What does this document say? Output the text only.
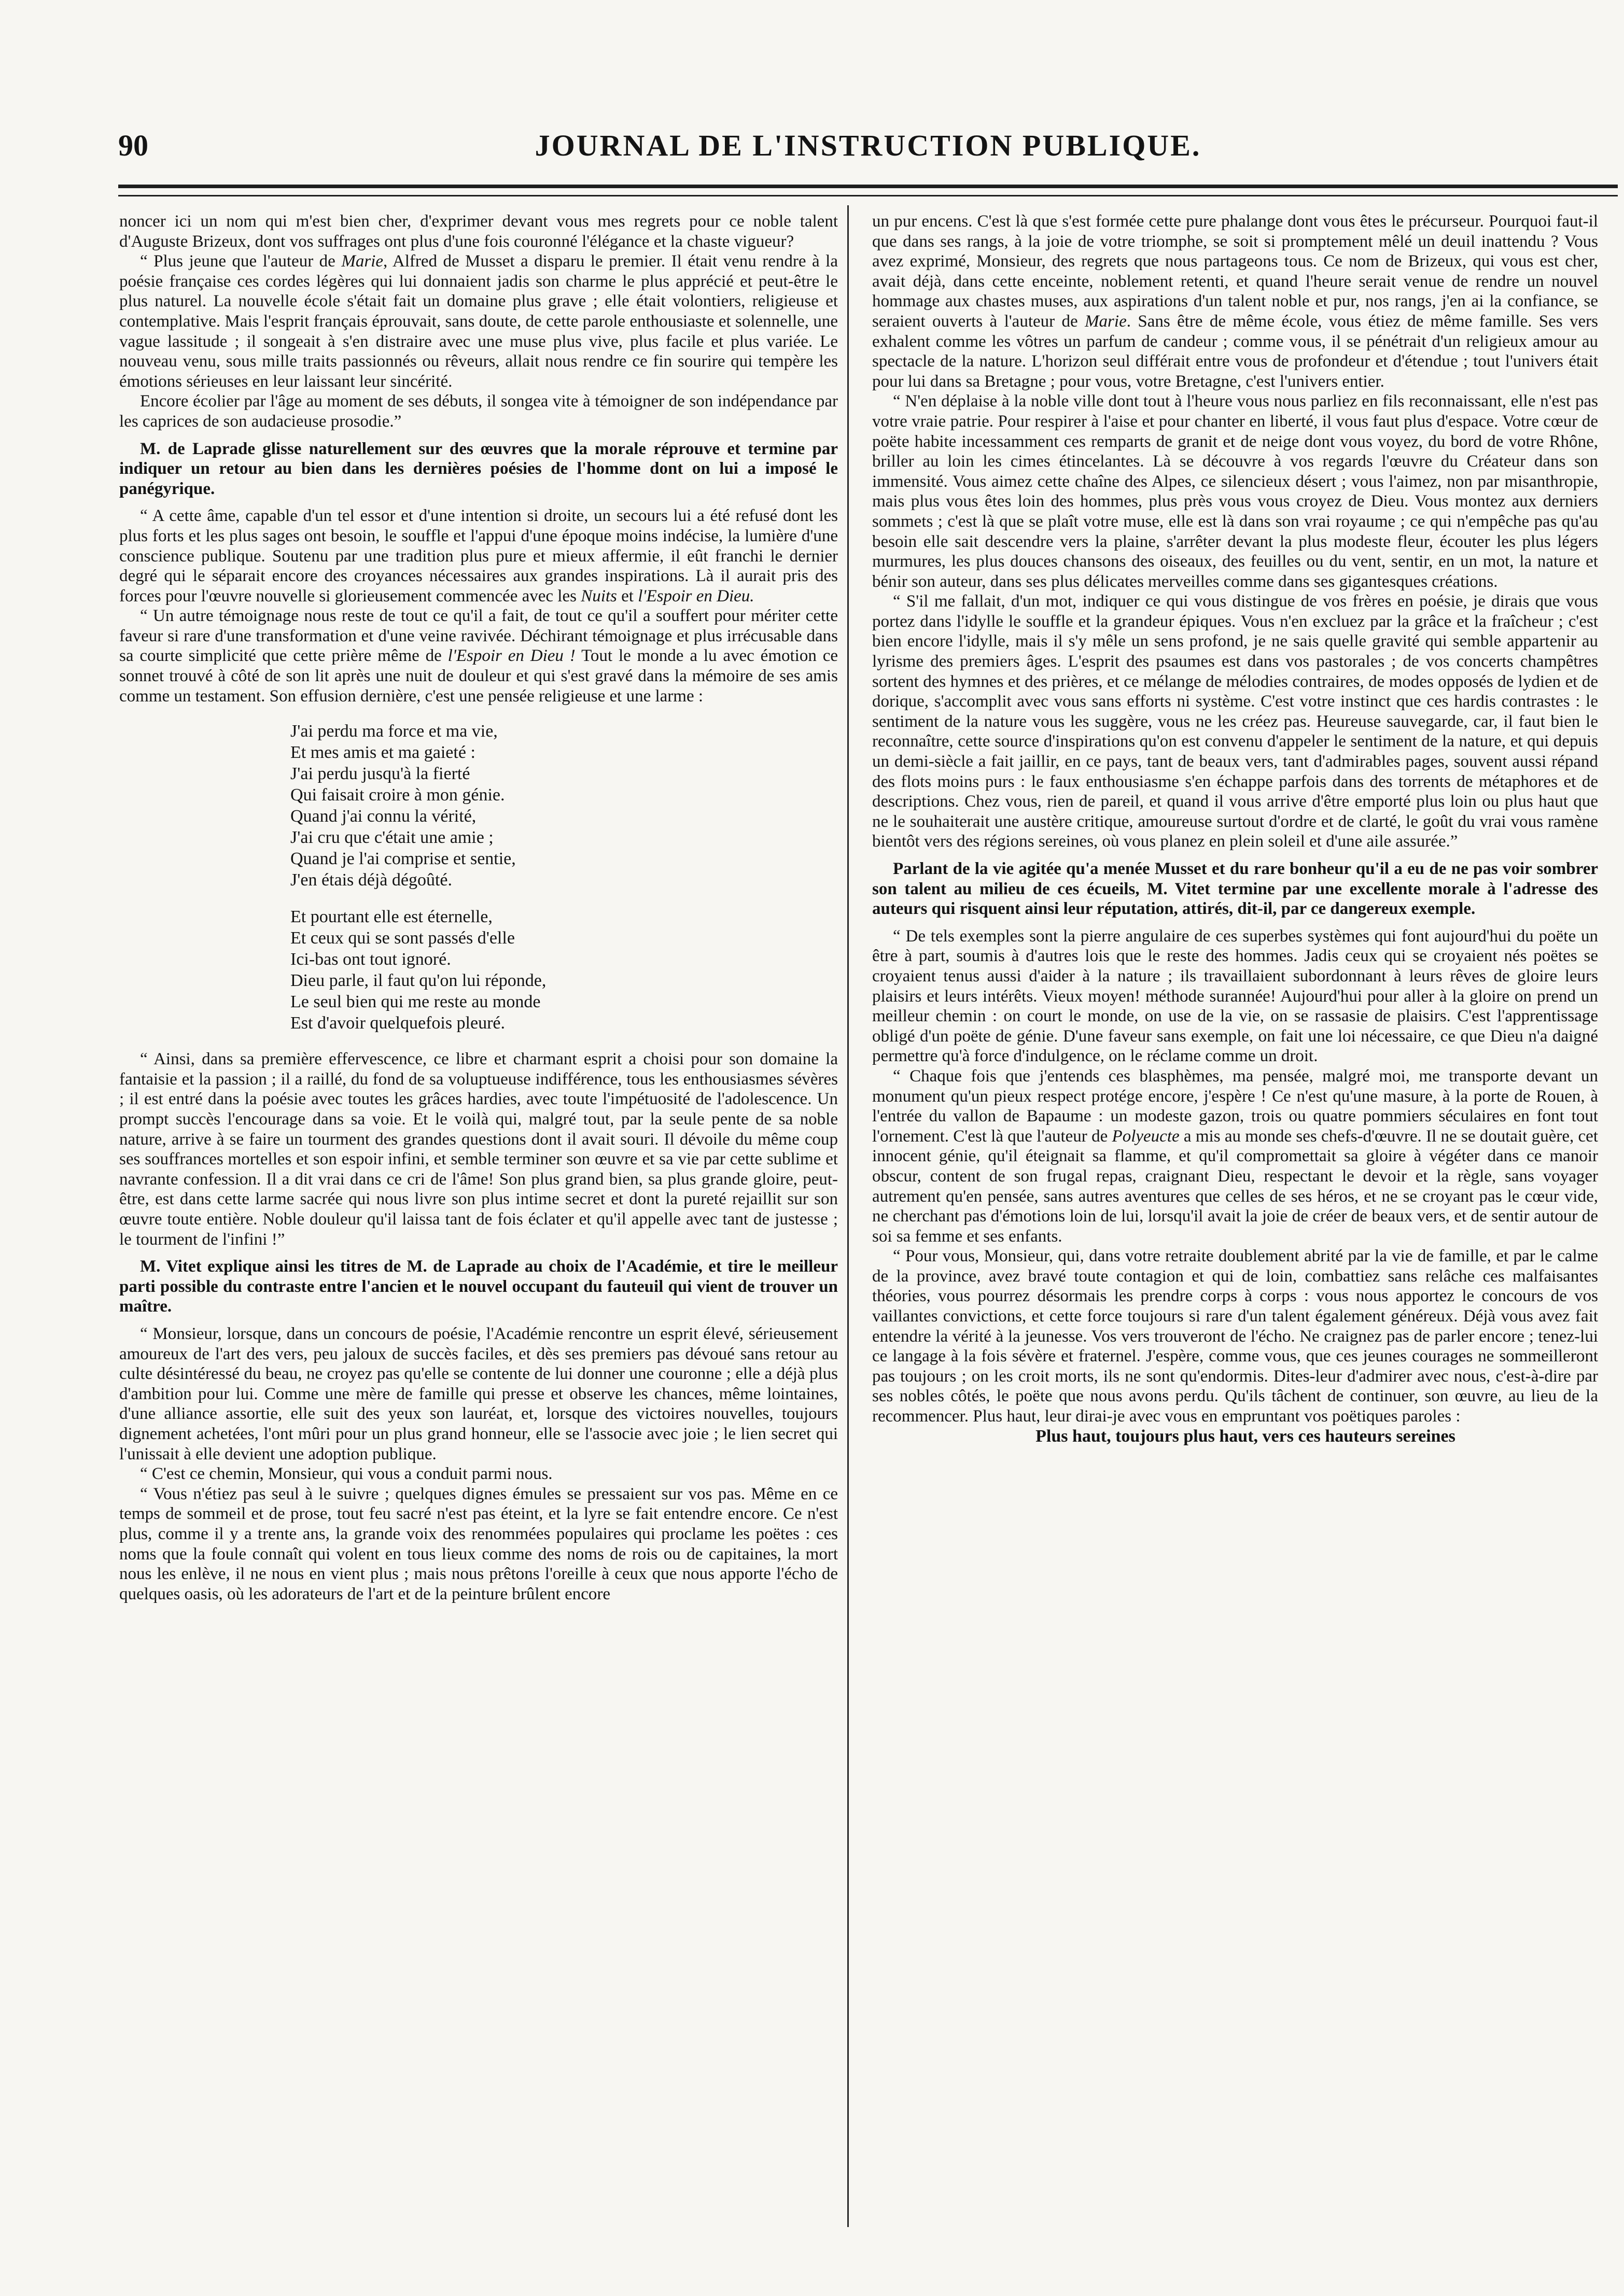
90	JOURNAL DE L'INSTRUCTION PUBLIQUE.

noncer ici un nom qui m'est bien cher, d'exprimer devant vous mes regrets pour ce noble talent d'Auguste Brizeux, dont vos suffrages ont plus d'une fois couronné l'élégance et la chaste vigueur?

“ Plus jeune que l'auteur de Marie, Alfred de Musset a disparu le premier. Il était venu rendre à la poésie française ces cordes légères qui lui donnaient jadis son charme le plus apprécié et peut-être le plus naturel. La nouvelle école s'était fait un domaine plus grave ; elle était volontiers, religieuse et contemplative. Mais l'esprit français éprouvait, sans doute, de cette parole enthousiaste et solennelle, une vague lassitude ; il songeait à s'en distraire avec une muse plus vive, plus facile et plus variée. Le nouveau venu, sous mille traits passionnés ou rêveurs, allait nous rendre ce fin sourire qui tempère les émotions sérieuses en leur laissant leur sincérité.

Encore écolier par l'âge au moment de ses débuts, il songea vite à témoigner de son indépendance par les caprices de son audacieuse prosodie.”

M. de Laprade glisse naturellement sur des œuvres que la morale réprouve et termine par indiquer un retour au bien dans les dernières poésies de l'homme dont on lui a imposé le panégyrique.

“ A cette âme, capable d'un tel essor et d'une intention si droite, un secours lui a été refusé dont les plus forts et les plus sages ont besoin, le souffle et l'appui d'une époque moins indécise, la lumière d'une conscience publique. Soutenu par une tradition plus pure et mieux affermie, il eût franchi le dernier degré qui le séparait encore des croyances nécessaires aux grandes inspirations. Là il aurait pris des forces pour l'œuvre nouvelle si glorieusement commencée avec les Nuits et l'Espoir en Dieu.

“ Un autre témoignage nous reste de tout ce qu'il a fait, de tout ce qu'il a souffert pour mériter cette faveur si rare d'une transformation et d'une veine ravivée. Déchirant témoignage et plus irrécusable dans sa courte simplicité que cette prière même de l'Espoir en Dieu ! Tout le monde a lu avec émotion ce sonnet trouvé à côté de son lit après une nuit de douleur et qui s'est gravé dans la mémoire de ses amis comme un testament. Son effusion dernière, c'est une pensée religieuse et une larme :

J'ai perdu ma force et ma vie,
Et mes amis et ma gaieté :
J'ai perdu jusqu'à la fierté
Qui faisait croire à mon génie.
Quand j'ai connu la vérité,
J'ai cru que c'était une amie ;
Quand je l'ai comprise et sentie,
J'en étais déjà dégoûté.
Et pourtant elle est éternelle,
Et ceux qui se sont passés d'elle
Ici-bas ont tout ignoré.
Dieu parle, il faut qu'on lui réponde,
Le seul bien qui me reste au monde
Est d'avoir quelquefois pleuré.

“ Ainsi, dans sa première effervescence, ce libre et charmant esprit a choisi pour son domaine la fantaisie et la passion ; il a raillé, du fond de sa voluptueuse indifférence, tous les enthousiasmes sévères ; il est entré dans la poésie avec toutes les grâces hardies, avec toute l'impétuosité de l'adolescence. Un prompt succès l'encourage dans sa voie. Et le voilà qui, malgré tout, par la seule pente de sa noble nature, arrive à se faire un tourment des grandes questions dont il avait souri. Il dévoile du même coup ses souffrances mortelles et son espoir infini, et semble terminer son œuvre et sa vie par cette sublime et navrante confession. Il a dit vrai dans ce cri de l'âme! Son plus grand bien, sa plus grande gloire, peut-être, est dans cette larme sacrée qui nous livre son plus intime secret et dont la pureté rejaillit sur son œuvre toute entière. Noble douleur qu'il laissa tant de fois éclater et qu'il appelle avec tant de justesse ; le tourment de l'infini !”

M. Vitet explique ainsi les titres de M. de Laprade au choix de l'Académie, et tire le meilleur parti possible du contraste entre l'ancien et le nouvel occupant du fauteuil qui vient de trouver un maître.

“ Monsieur, lorsque, dans un concours de poésie, l'Académie rencontre un esprit élevé, sérieusement amoureux de l'art des vers, peu jaloux de succès faciles, et dès ses premiers pas dévoué sans retour au culte désintéressé du beau, ne croyez pas qu'elle se contente de lui donner une couronne ; elle a déjà plus d'ambition pour lui. Comme une mère de famille qui presse et observe les chances, même lointaines, d'une alliance assortie, elle suit des yeux son lauréat, et, lorsque des victoires nouvelles, toujours dignement achetées, l'ont mûri pour un plus grand honneur, elle se l'associe avec joie ; le lien secret qui l'unissait à elle devient une adoption publique.

“ C'est ce chemin, Monsieur, qui vous a conduit parmi nous.

“ Vous n'étiez pas seul à le suivre ; quelques dignes émules se pressaient sur vos pas. Même en ce temps de sommeil et de prose, tout feu sacré n'est pas éteint, et la lyre se fait entendre encore. Ce n'est plus, comme il y a trente ans, la grande voix des renommées populaires qui proclame les poëtes : ces noms que la foule connaît qui volent en tous lieux comme des noms de rois ou de capitaines, la mort nous les enlève, il ne nous en vient plus ; mais nous prêtons l'oreille à ceux que nous apporte l'écho de quelques oasis, où les adorateurs de l'art et de la peinture brûlent encore

un pur encens. C'est là que s'est formée cette pure phalange dont vous êtes le précurseur. Pourquoi faut-il que dans ses rangs, à la joie de votre triomphe, se soit si promptement mêlé un deuil inattendu ? Vous avez exprimé, Monsieur, des regrets que nous partageons tous. Ce nom de Brizeux, qui vous est cher, avait déjà, dans cette enceinte, noblement retenti, et quand l'heure serait venue de rendre un nouvel hommage aux chastes muses, aux aspirations d'un talent noble et pur, nos rangs, j'en ai la confiance, se seraient ouverts à l'auteur de Marie. Sans être de même école, vous étiez de même famille. Ses vers exhalent comme les vôtres un parfum de candeur ; comme vous, il se pénétrait d'un religieux amour au spectacle de la nature. L'horizon seul différait entre vous de profondeur et d'étendue ; tout l'univers était pour lui dans sa Bretagne ; pour vous, votre Bretagne, c'est l'univers entier.

“ N'en déplaise à la noble ville dont tout à l'heure vous nous parliez en fils reconnaissant, elle n'est pas votre vraie patrie. Pour respirer à l'aise et pour chanter en liberté, il vous faut plus d'espace. Votre cœur de poëte habite incessamment ces remparts de granit et de neige dont vous voyez, du bord de votre Rhône, briller au loin les cimes étincelantes. Là se découvre à vos regards l'œuvre du Créateur dans son immensité. Vous aimez cette chaîne des Alpes, ce silencieux désert ; vous l'aimez, non par misanthropie, mais plus vous êtes loin des hommes, plus près vous vous croyez de Dieu. Vous montez aux derniers sommets ; c'est là que se plaît votre muse, elle est là dans son vrai royaume ; ce qui n'empêche pas qu'au besoin elle sait descendre vers la plaine, s'arrêter devant la plus modeste fleur, écouter les plus légers murmures, les plus douces chansons des oiseaux, des feuilles ou du vent, sentir, en un mot, la nature et bénir son auteur, dans ses plus délicates merveilles comme dans ses gigantesques créations.

“ S'il me fallait, d'un mot, indiquer ce qui vous distingue de vos frères en poésie, je dirais que vous portez dans l'idylle le souffle et la grandeur épiques. Vous n'en excluez par la grâce et la fraîcheur ; c'est bien encore l'idylle, mais il s'y mêle un sens profond, je ne sais quelle gravité qui semble appartenir au lyrisme des premiers âges. L'esprit des psaumes est dans vos pastorales ; de vos concerts champêtres sortent des hymnes et des prières, et ce mélange de mélodies contraires, de modes opposés de lydien et de dorique, s'accomplit avec vous sans efforts ni système. C'est votre instinct que ces hardis contrastes : le sentiment de la nature vous les suggère, vous ne les créez pas. Heureuse sauvegarde, car, il faut bien le reconnaître, cette source d'inspirations qu'on est convenu d'appeler le sentiment de la nature, et qui depuis un demi-siècle a fait jaillir, en ce pays, tant de beaux vers, tant d'admirables pages, souvent aussi répand des flots moins purs : le faux enthousiasme s'en échappe parfois dans des torrents de métaphores et de descriptions. Chez vous, rien de pareil, et quand il vous arrive d'être emporté plus loin ou plus haut que ne le souhaiterait une austère critique, amoureuse surtout d'ordre et de clarté, le goût du vrai vous ramène bientôt vers des régions sereines, où vous planez en plein soleil et d'une aile assurée.”

Parlant de la vie agitée qu'a menée Musset et du rare bonheur qu'il a eu de ne pas voir sombrer son talent au milieu de ces écueils, M. Vitet termine par une excellente morale à l'adresse des auteurs qui risquent ainsi leur réputation, attirés, dit-il, par ce dangereux exemple.

“ De tels exemples sont la pierre angulaire de ces superbes systèmes qui font aujourd'hui du poëte un être à part, soumis à d'autres lois que le reste des hommes. Jadis ceux qui se croyaient nés poëtes se croyaient tenus aussi d'aider à la nature ; ils travaillaient subordonnant à leurs rêves de gloire leurs plaisirs et leurs intérêts. Vieux moyen! méthode surannée! Aujourd'hui pour aller à la gloire on prend un meilleur chemin : on court le monde, on use de la vie, on se rassasie de plaisirs. C'est l'apprentissage obligé d'un poëte de génie. D'une faveur sans exemple, on fait une loi nécessaire, ce que Dieu n'a daigné permettre qu'à force d'indulgence, on le réclame comme un droit.

“ Chaque fois que j'entends ces blasphèmes, ma pensée, malgré moi, me transporte devant un monument qu'un pieux respect protége encore, j'espère ! Ce n'est qu'une masure, à la porte de Rouen, à l'entrée du vallon de Bapaume : un modeste gazon, trois ou quatre pommiers séculaires en font tout l'ornement. C'est là que l'auteur de Polyeucte a mis au monde ses chefs-d'œuvre. Il ne se doutait guère, cet innocent génie, qu'il éteignait sa flamme, et qu'il compromettait sa gloire à végéter dans ce manoir obscur, content de son frugal repas, craignant Dieu, respectant le devoir et la règle, sans voyager autrement qu'en pensée, sans autres aventures que celles de ses héros, et ne se croyant pas le cœur vide, ne cherchant pas d'émotions loin de lui, lorsqu'il avait la joie de créer de beaux vers, et de sentir autour de soi sa femme et ses enfants.

“ Pour vous, Monsieur, qui, dans votre retraite doublement abrité par la vie de famille, et par le calme de la province, avez bravé toute contagion et qui de loin, combattiez sans relâche ces malfaisantes théories, vous pourrez désormais les prendre corps à corps : vous nous apportez le concours de vos vaillantes convictions, et cette force toujours si rare d'un talent également généreux. Déjà vous avez fait entendre la vérité à la jeunesse. Vos vers trouveront de l'écho. Ne craignez pas de parler encore ; tenez-lui ce langage à la fois sévère et fraternel. J'espère, comme vous, que ces jeunes courages ne sommeilleront pas toujours ; on les croit morts, ils ne sont qu'endormis. Dites-leur d'admirer avec nous, c'est-à-dire par ses nobles côtés, le poëte que nous avons perdu. Qu'ils tâchent de continuer, son œuvre, au lieu de la recommencer. Plus haut, leur dirai-je avec vous en empruntant vos poëtiques paroles :

Plus haut, toujours plus haut, vers ces hauteurs sereines
